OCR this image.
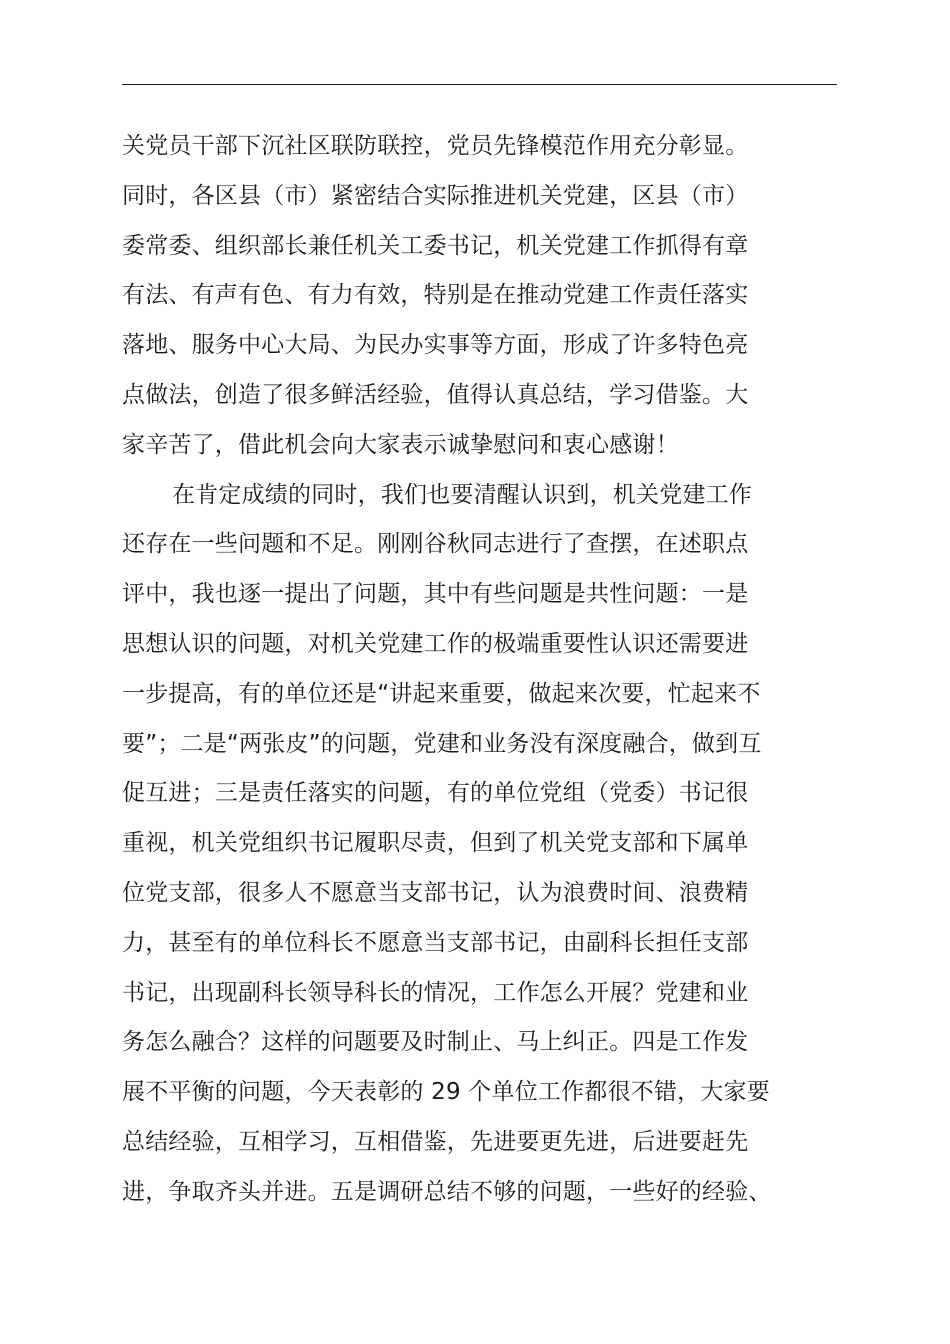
关党员干部下沉社区联防联控，党员先锋模范作用充分彰显。
同时，各区县（市）紧密结合实际推进机关党建，区县（市）
委常委、组织部长兼任机关工委书记，机关党建工作抓得有章
有法、有声有色、有力有效，特别是在推动党建工作责任落实
落地、服务中心大局、为民办实事等方面，形成了许多特色亮
点做法，创造了很多鲜活经验，值得认真总结，学习借鉴。大
家辛苦了，借此机会向大家表示诚挚慰问和衷心感谢！
在肯定成绩的同时，我们也要清醒认识到，机关党建工作
还存在一些问题和不足。刚刚谷秋同志进行了查摆，在述职点
评中，我也逐一提出了问题，其中有些问题是共性问题：一是
思想认识的问题，对机关党建工作的极端重要性认识还需要进
一步提高，有的单位还是“讲起来重要，做起来次要，忙起来不
要”；二是“两张皮”的问题，党建和业务没有深度融合，做到互
促互进；三是责任落实的问题，有的单位党组（党委）书记很
重视，机关党组织书记履职尽责，但到了机关党支部和下属单
位党支部，很多人不愿意当支部书记，认为浪费时间、浪费精
力，甚至有的单位科长不愿意当支部书记，由副科长担任支部
书记，出现副科长领导科长的情况，工作怎么开展？党建和业
务怎么融合？这样的问题要及时制止、马上纠正。四是工作发
展不平衡的问题，今天表彰的 29 个单位工作都很不错，大家要
总结经验，互相学习，互相借鉴，先进要更先进，后进要赶先
进，争取齐头并进。五是调研总结不够的问题，一些好的经验、
